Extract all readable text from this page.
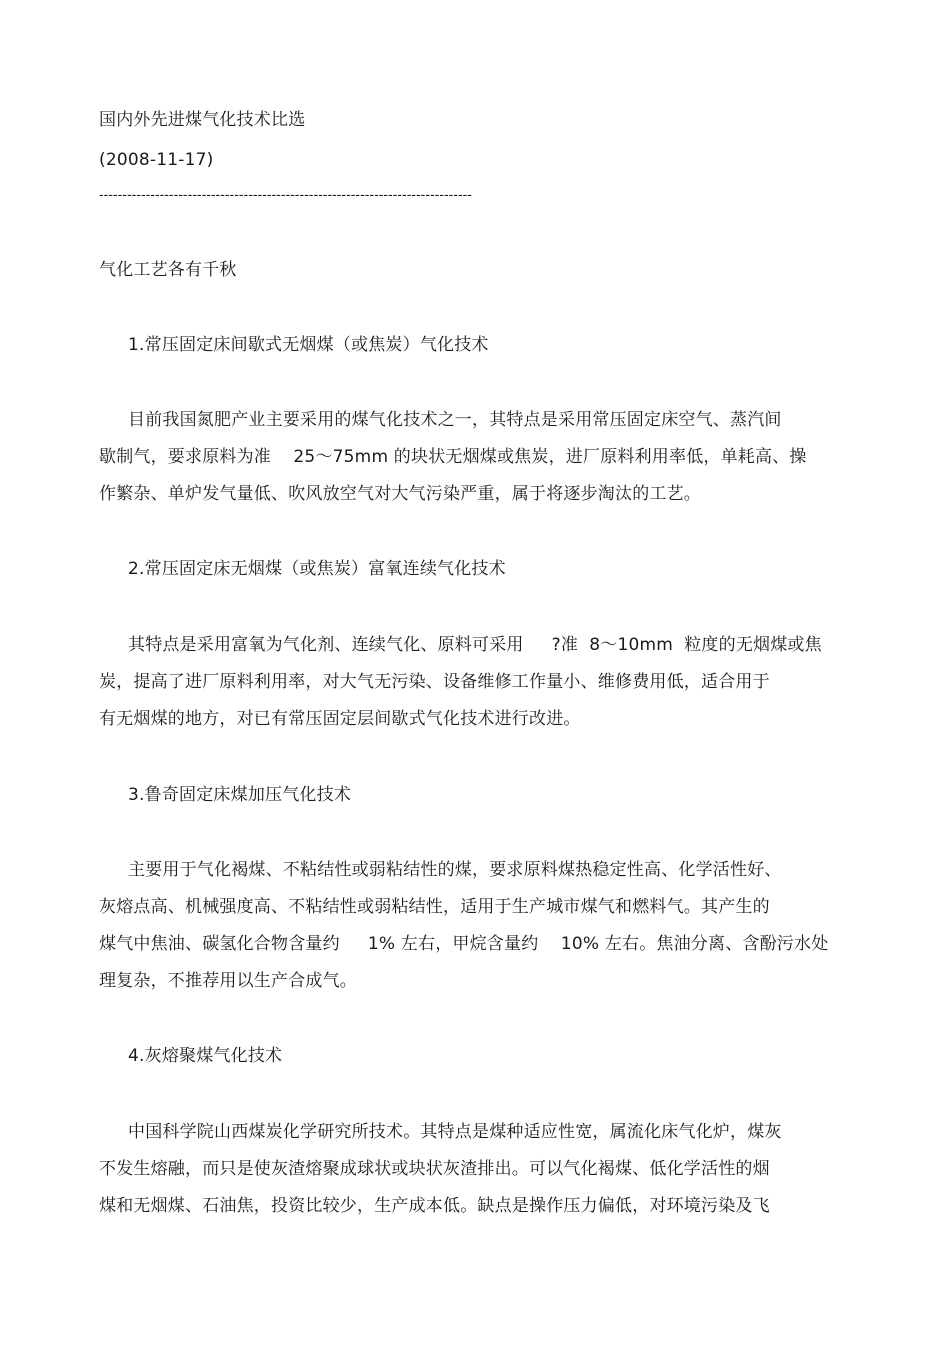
国内外先进煤气化技术比选
(2008-11-17)
--------------------------------------------------------------------------------
气化工艺各有千秋
1.常压固定床间歇式无烟煤（或焦炭）气化技术
目前我国氮肥产业主要采用的煤气化技术之一，其特点是采用常压固定床空气、蒸汽间
歇制气，要求原料为准    25～75mm 的块状无烟煤或焦炭，进厂原料利用率低，单耗高、操
作繁杂、单炉发气量低、吹风放空气对大气污染严重，属于将逐步淘汰的工艺。
2.常压固定床无烟煤（或焦炭）富氧连续气化技术
其特点是采用富氧为气化剂、连续气化、原料可采用     ?准  8～10mm  粒度的无烟煤或焦
炭，提高了进厂原料利用率，对大气无污染、设备维修工作量小、维修费用低，适合用于
有无烟煤的地方，对已有常压固定层间歇式气化技术进行改进。
3.鲁奇固定床煤加压气化技术
主要用于气化褐煤、不粘结性或弱粘结性的煤，要求原料煤热稳定性高、化学活性好、
灰熔点高、机械强度高、不粘结性或弱粘结性，适用于生产城市煤气和燃料气。其产生的
煤气中焦油、碳氢化合物含量约     1% 左右，甲烷含量约    10% 左右。焦油分离、含酚污水处
理复杂，不推荐用以生产合成气。
4.灰熔聚煤气化技术
中国科学院山西煤炭化学研究所技术。其特点是煤种适应性宽，属流化床气化炉，煤灰
不发生熔融，而只是使灰渣熔聚成球状或块状灰渣排出。可以气化褐煤、低化学活性的烟
煤和无烟煤、石油焦，投资比较少，生产成本低。缺点是操作压力偏低，对环境污染及飞
